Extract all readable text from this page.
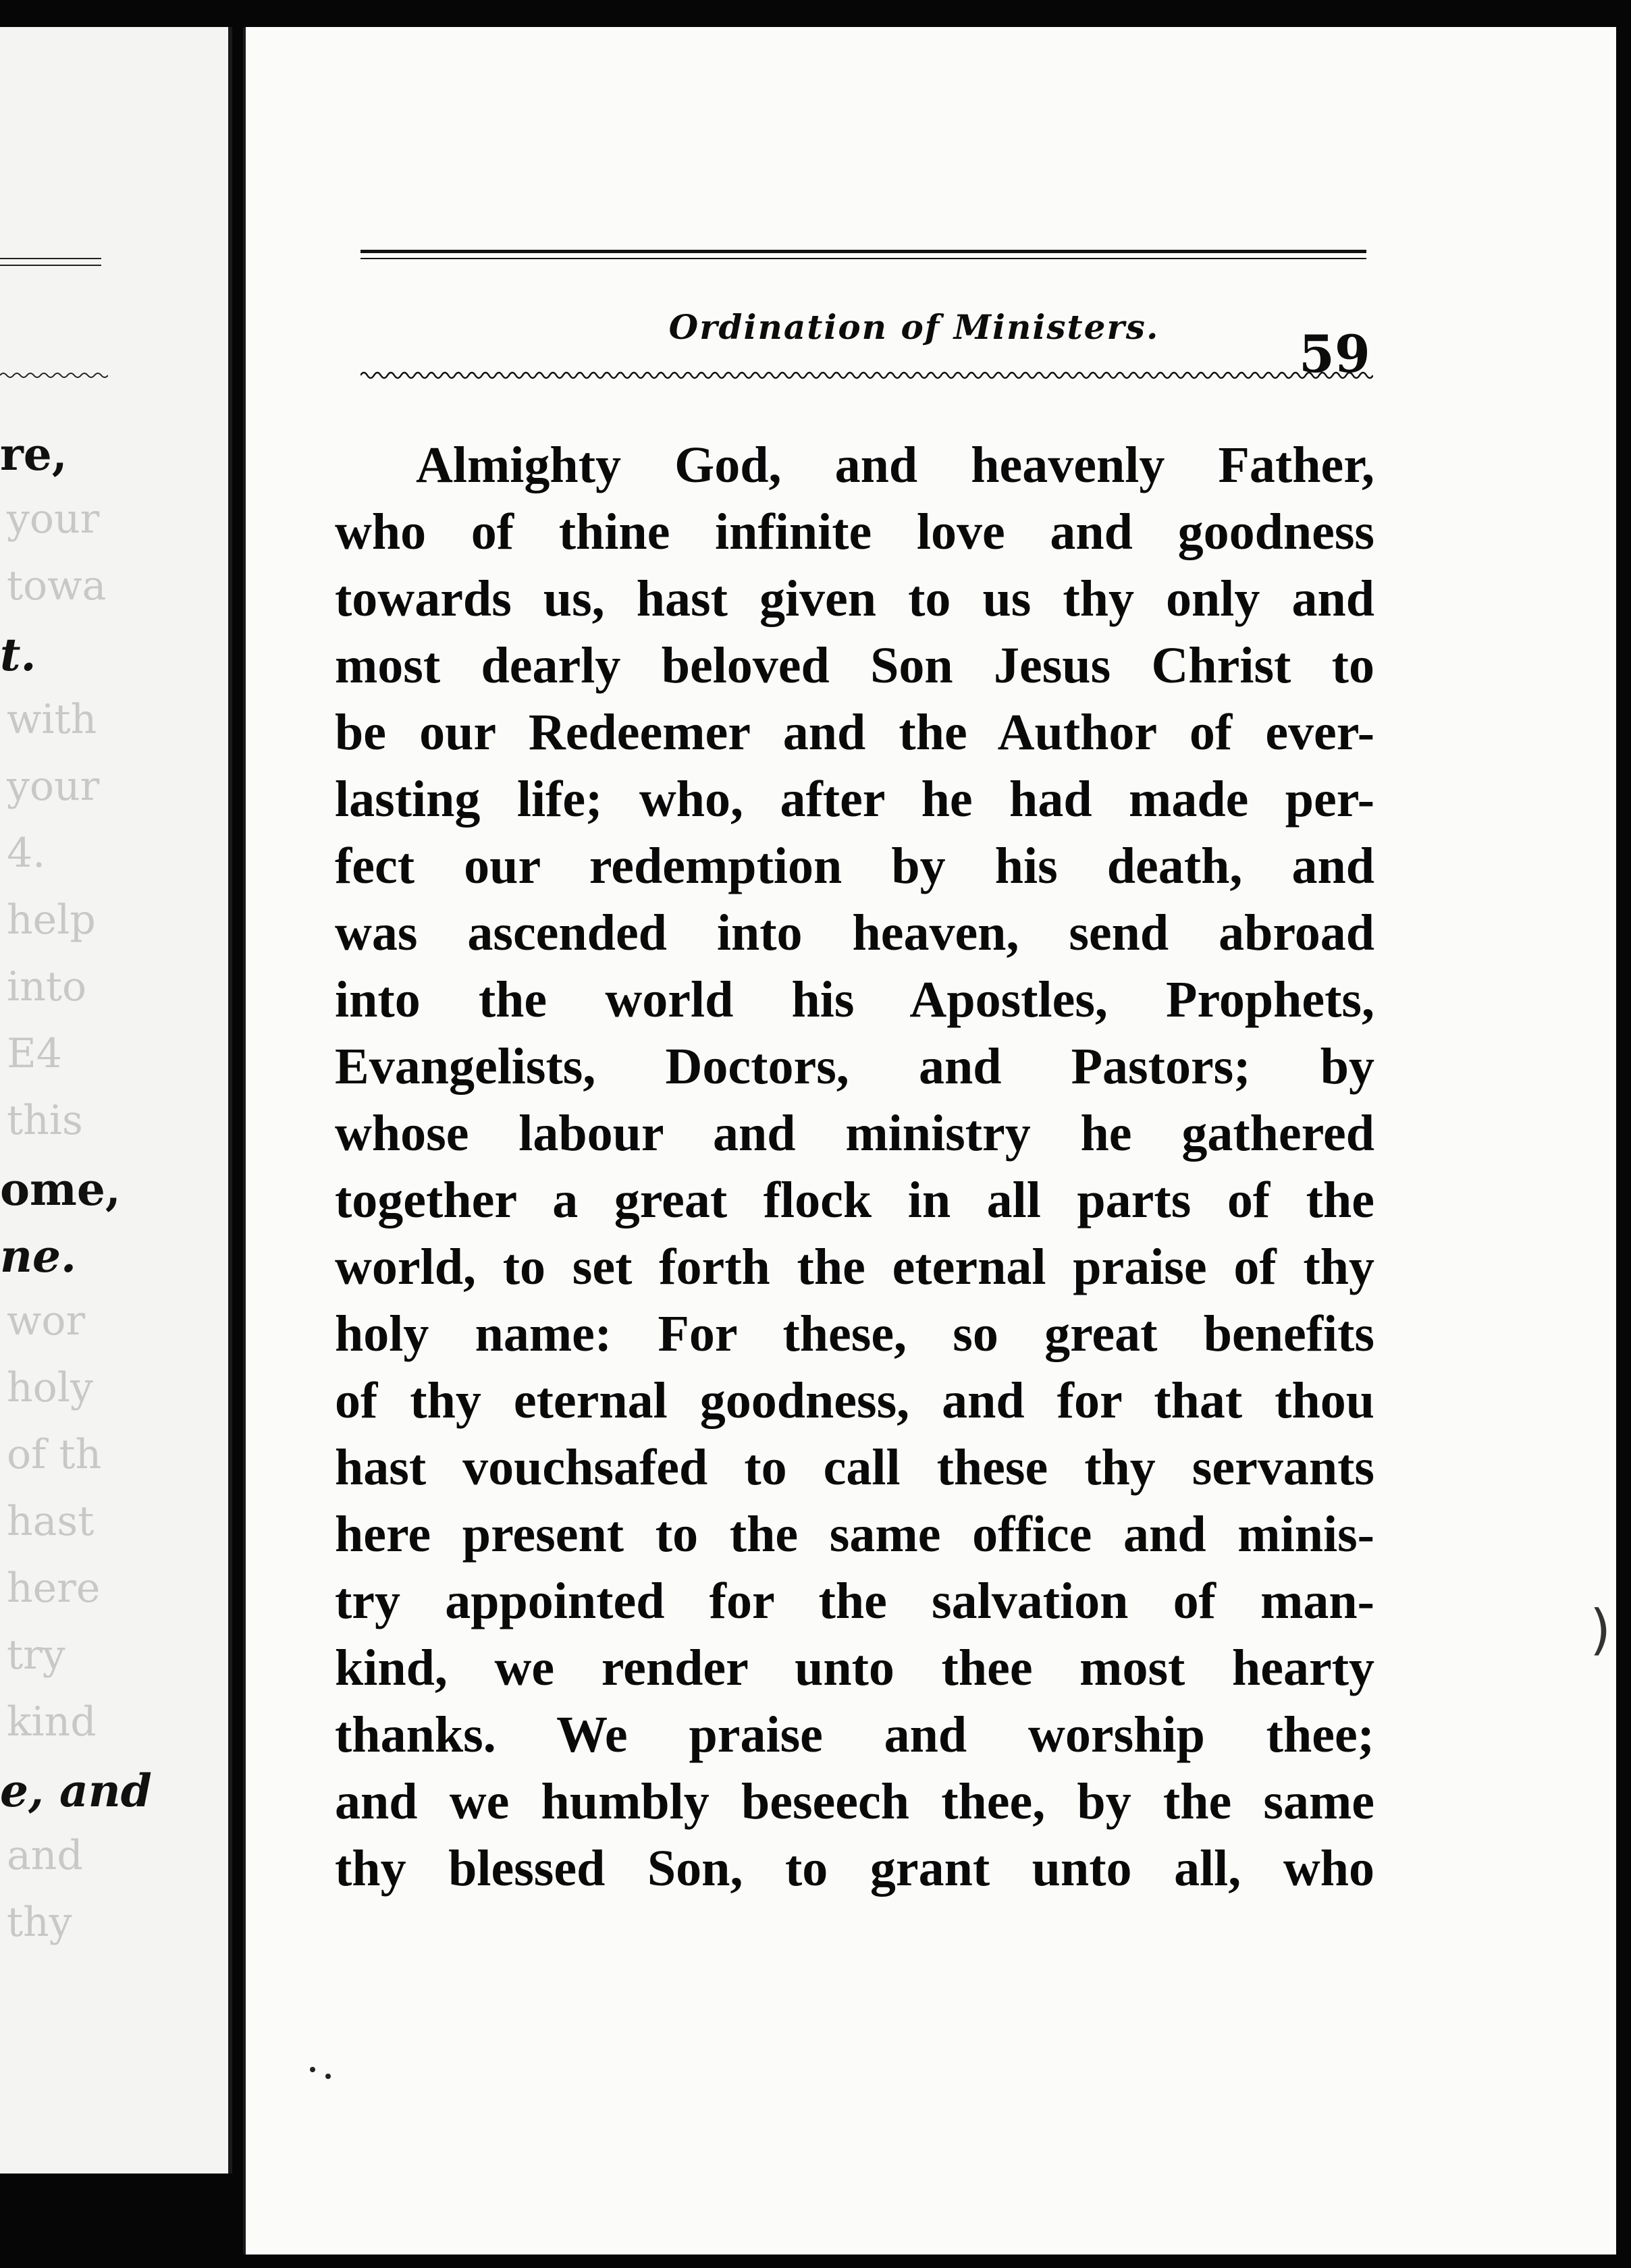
re,
your
towa
t.
with
your
4.
help
into
E4
this
ome,
ne.
wor
holy
of th
hast
here
try
kind
e, and
and
thy
Ordination of Ministers.	59
Almighty God, and heavenly Father,
who of thine infinite love and goodness
towards us, hast given to us thy only and
most dearly beloved Son Jesus Christ to
be our Redeemer and the Author of ever-
lasting life; who, after he had made per-
fect our redemption by his death, and
was ascended into heaven, send abroad
into the world his Apostles, Prophets,
Evangelists, Doctors, and Pastors; by
whose labour and ministry he gathered
together a great flock in all parts of the
world, to set forth the eternal praise of thy
holy name: For these, so great benefits
of thy eternal goodness, and for that thou
hast vouchsafed to call these thy servants
here present to the same office and minis-
try appointed for the salvation of man-
kind, we render unto thee most hearty
thanks. We praise and worship thee;
and we humbly beseech thee, by the same
thy blessed Son, to grant unto all, who
)
